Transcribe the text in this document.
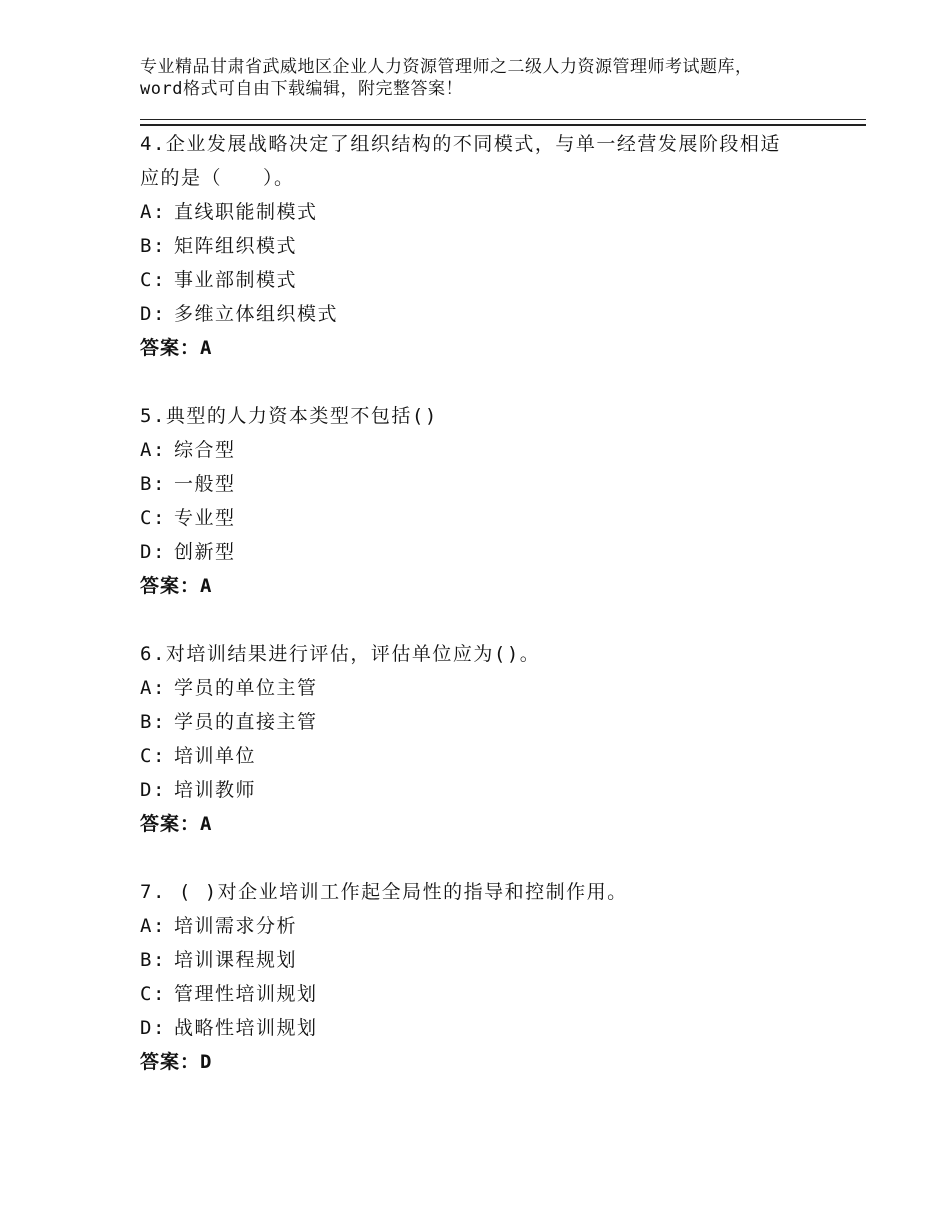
专业精品甘肃省武威地区企业人力资源管理师之二级人力资源管理师考试题库，word格式可自由下载编辑，附完整答案！
4.企业发展战略决定了组织结构的不同模式，与单一经营发展阶段相适应的是（　　）。
A: 直线职能制模式
B: 矩阵组织模式
C: 事业部制模式
D: 多维立体组织模式
答案：A
5.典型的人力资本类型不包括()
A: 综合型
B: 一般型
C: 专业型
D: 创新型
答案：A
6.对培训结果进行评估，评估单位应为()。
A: 学员的单位主管
B: 学员的直接主管
C: 培训单位
D: 培训教师
答案：A
7. ( )对企业培训工作起全局性的指导和控制作用。
A: 培训需求分析
B: 培训课程规划
C: 管理性培训规划
D: 战略性培训规划
答案：D
